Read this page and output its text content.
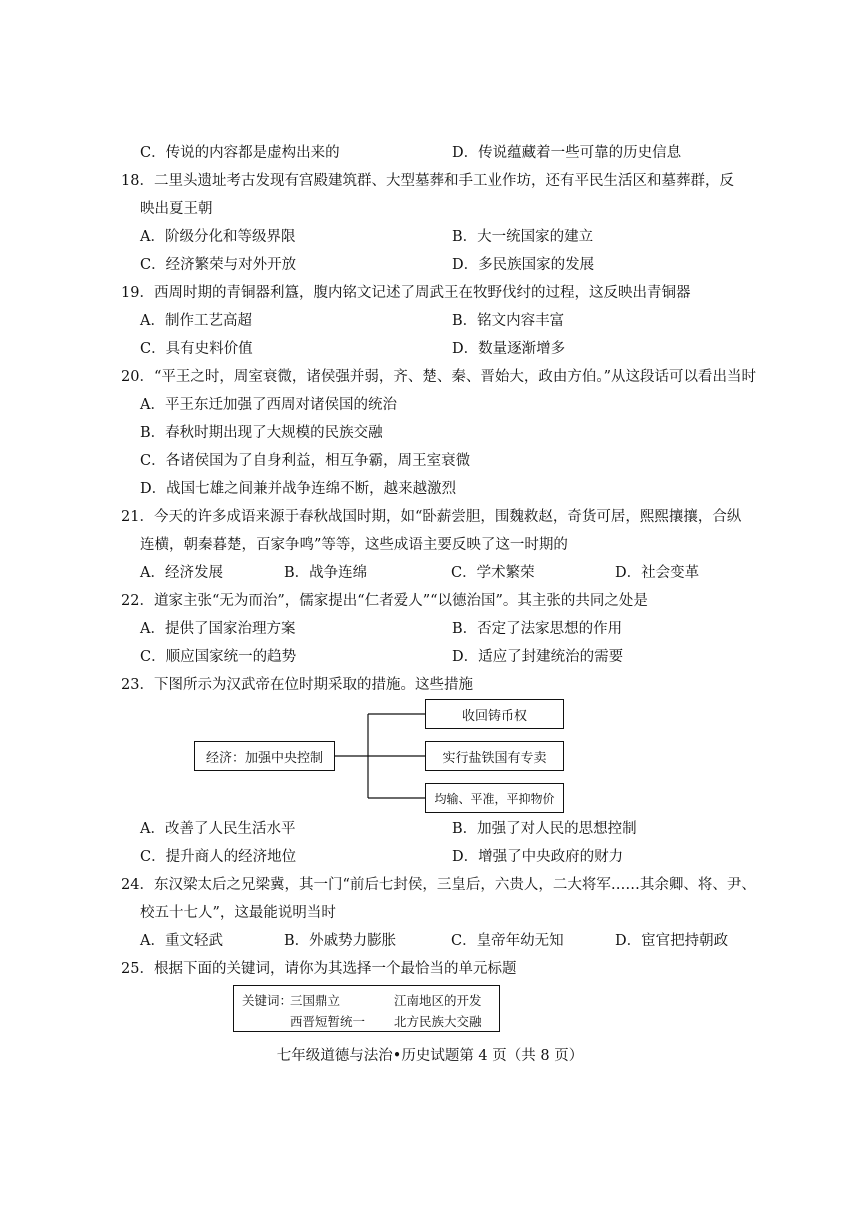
C．传说的内容都是虚构出来的	D．传说蕴藏着一些可靠的历史信息
18．二里头遗址考古发现有宫殿建筑群、大型墓葬和手工业作坊，还有平民生活区和墓葬群，反
映出夏王朝
A．阶级分化和等级界限	B．大一统国家的建立
C．经济繁荣与对外开放	D．多民族国家的发展
19．西周时期的青铜器利簋，腹内铭文记述了周武王在牧野伐纣的过程，这反映出青铜器
A．制作工艺高超	B．铭文内容丰富
C．具有史料价值	D．数量逐渐增多
20．“平王之时，周室衰微，诸侯强并弱，齐、楚、秦、晋始大，政由方伯。”从这段话可以看出当时
A．平王东迁加强了西周对诸侯国的统治
B．春秋时期出现了大规模的民族交融
C．各诸侯国为了自身利益，相互争霸，周王室衰微
D．战国七雄之间兼并战争连绵不断，越来越激烈
21．今天的许多成语来源于春秋战国时期，如“卧薪尝胆，围魏救赵，奇货可居，熙熙攘攘，合纵
连横，朝秦暮楚，百家争鸣”等等，这些成语主要反映了这一时期的
A．经济发展	B．战争连绵	C．学术繁荣	D．社会变革
22．道家主张“无为而治”，儒家提出“仁者爱人”“以德治国”。其主张的共同之处是
A．提供了国家治理方案	B．否定了法家思想的作用
C．顺应国家统一的趋势	D．适应了封建统治的需要
23．下图所示为汉武帝在位时期采取的措施。这些措施
经济：加强中央控制
收回铸币权
实行盐铁国有专卖
均输、平准，平抑物价
A．改善了人民生活水平	B．加强了对人民的思想控制
C．提升商人的经济地位	D．增强了中央政府的财力
24．东汉梁太后之兄梁冀，其一门“前后七封侯，三皇后，六贵人，二大将军……其余卿、将、尹、
校五十七人”，这最能说明当时
A．重文轻武	B．外戚势力膨胀	C．皇帝年幼无知	D．宦官把持朝政
25．根据下面的关键词，请你为其选择一个最恰当的单元标题
关键词：
三国鼎立	江南地区的开发
西晋短暂统一 北方民族大交融
七年级道德与法治•历史试题第 4 页（共 8 页）
